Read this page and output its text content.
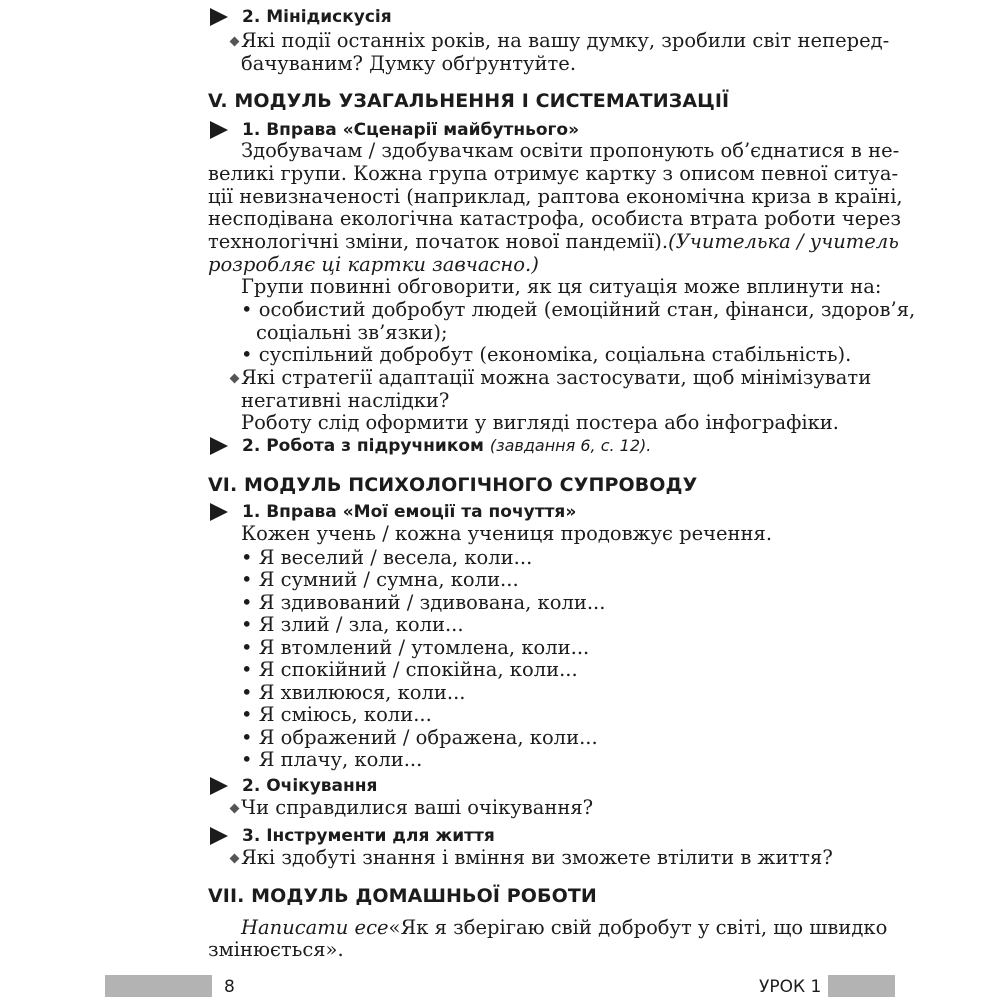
2. Мінідискусія
Які події останніх років, на вашу думку, зробили світ неперед-
бачуваним? Думку обґрунтуйте.
V. МОДУЛЬ УЗАГАЛЬНЕННЯ І СИСТЕМАТИЗАЦІЇ
1. Вправа «Сценарії майбутнього»
Здобувачам / здобувачкам освіти пропонують об’єднатися в не-
великі групи. Кожна група отримує картку з описом певної ситуа-
ції невизначеності (наприклад, раптова економічна криза в країні,
несподівана екологічна катастрофа, особиста втрата роботи через
технологічні зміни, початок нової пандемії). (Учителька / учитель
розробляє ці картки завчасно.)
Групи повинні обговорити, як ця ситуація може вплинути на:
• особистий добробут людей (емоційний стан, фінанси, здоров’я,
соціальні зв’язки);
• суспільний добробут (економіка, соціальна стабільність).
Які стратегії адаптації можна застосувати, щоб мінімізувати
негативні наслідки?
Роботу слід оформити у вигляді постера або інфографіки.
2. Робота з підручником (завдання 6, с. 12).
VI. МОДУЛЬ ПСИХОЛОГІЧНОГО СУПРОВОДУ
1. Вправа «Мої емоції та почуття»
Кожен учень / кожна учениця продовжує речення.
• Я веселий / весела, коли...
• Я сумний / сумна, коли...
• Я здивований / здивована, коли...
• Я злий / зла, коли...
• Я втомлений / утомлена, коли...
• Я спокійний / спокійна, коли...
• Я хвилююся, коли...
• Я сміюсь, коли...
• Я ображений / ображена, коли...
• Я плачу, коли...
2. Очікування
Чи справдилися ваші очікування?
3. Інструменти для життя
Які здобуті знання і вміння ви зможете втілити в життя?
VII. МОДУЛЬ ДОМАШНЬОЇ РОБОТИ
Написати есе «Як я зберігаю свій добробут у світі, що швидко
змінюється».
8	УРОК 1
